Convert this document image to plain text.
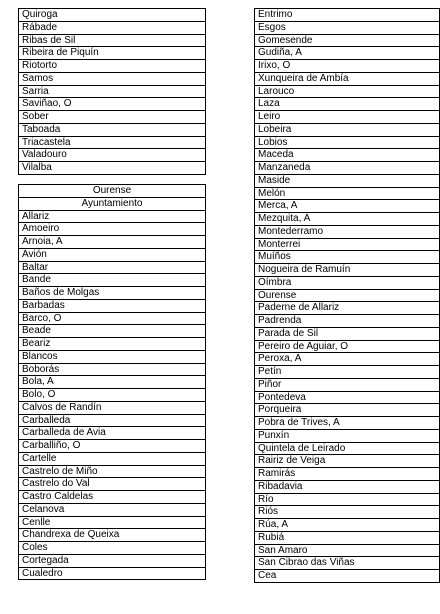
Quiroga
Rábade
Ribas de Sil
Ribeira de Piquín
Riotorto
Samos
Sarria
Saviñao, O
Sober
Taboada
Triacastela
Valadouro
Vilalba
Ourense
Ayuntamiento
Allariz
Amoeiro
Arnoia, A
Avión
Baltar
Bande
Baños de Molgas
Barbadas
Barco, O
Beade
Beariz
Blancos
Boborás
Bola, A
Bolo, O
Calvos de Randín
Carballeda
Carballeda de Avia
Carballiño, O
Cartelle
Castrelo de Miño
Castrelo do Val
Castro Caldelas
Celanova
Cenlle
Chandrexa de Queixa
Coles
Cortegada
Cualedro
Entrimo
Esgos
Gomesende
Gudiña, A
Irixo, O
Xunqueira de Ambía
Larouco
Laza
Leiro
Lobeira
Lobios
Maceda
Manzaneda
Maside
Melón
Merca, A
Mezquita, A
Montederramo
Monterrei
Muíños
Nogueira de Ramuín
Oímbra
Ourense
Paderne de Allariz
Padrenda
Parada de Sil
Pereiro de Aguiar, O
Peroxa, A
Petín
Piñor
Pontedeva
Porqueira
Pobra de Trives, A
Punxín
Quintela de Leirado
Rairiz de Veiga
Ramirás
Ribadavia
Río
Riós
Rúa, A
Rubiá
San Amaro
San Cibrao das Viñas
Cea
